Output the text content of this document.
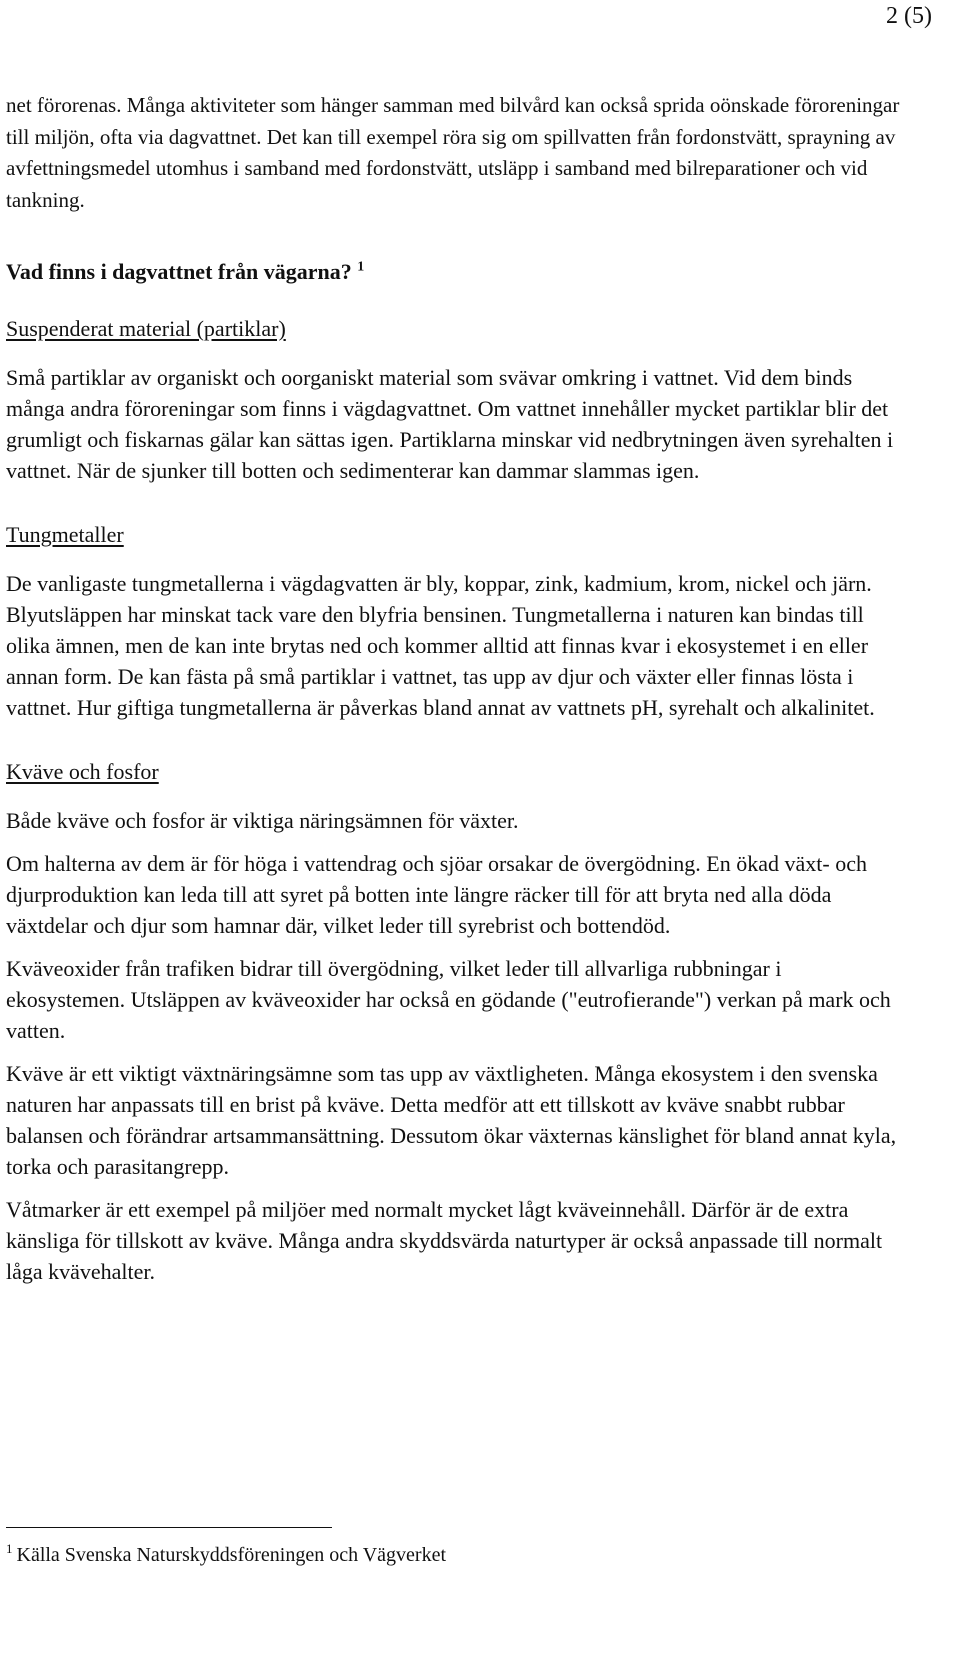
2 (5)

net förorenas. Många aktiviteter som hänger samman med bilvård kan också sprida oönskade föroreningar till miljön, ofta via dagvattnet. Det kan till exempel röra sig om spillvatten från fordonstvätt, sprayning av avfettningsmedel utomhus i samband med fordonstvätt, utsläpp i samband med bilreparationer och vid tankning.

Vad finns i dagvattnet från vägarna? $^1$
Suspenderat material (partiklar)

Små partiklar av organiskt och oorganiskt material som svävar omkring i vattnet. Vid dem binds många andra föroreningar som finns i vägdagvattnet. Om vattnet innehåller mycket partiklar blir det grumligt och fiskarnas gälar kan sättas igen. Partiklarna minskar vid nedbrytningen även syrehalten i vattnet. När de sjunker till botten och sedimenterar kan dammar slammas igen.

Tungmetaller

De vanligaste tungmetallerna i vägdagvatten är bly, koppar, zink, kadmium, krom, nickel och järn. Blyutsläppen har minskat tack vare den blyfria bensinen. Tungmetallerna i naturen kan bindas till olika ämnen, men de kan inte brytas ned och kommer alltid att finnas kvar i ekosystemet i en eller annan form. De kan fästa på små partiklar i vattnet, tas upp av djur och växter eller finnas lösta i vattnet. Hur giftiga tungmetallerna är påverkas bland annat av vattnets pH, syrehalt och alkalinitet.

Kväve och fosfor

Både kväve och fosfor är viktiga näringsämnen för växter.

Om halterna av dem är för höga i vattendrag och sjöar orsakar de övergödning. En ökad växt- och djurproduktion kan leda till att syret på botten inte längre räcker till för att bryta ned alla döda växtdelar och djur som hamnar där, vilket leder till syrebrist och bottendöd.

Kväveoxider från trafiken bidrar till övergödning, vilket leder till allvarliga rubbningar i ekosystemen. Utsläppen av kväveoxider har också en gödande ("eutrofierande") verkan på mark och vatten.

Kväve är ett viktigt växtnäringsämne som tas upp av växtligheten. Många ekosystem i den svenska naturen har anpassats till en brist på kväve. Detta medför att ett tillskott av kväve snabbt rubbar balansen och förändrar artsammansättning. Dessutom ökar växternas känslighet för bland annat kyla, torka och parasitangrepp.

Våtmarker är ett exempel på miljöer med normalt mycket lågt kväveinnehåll. Därför är de extra känsliga för tillskott av kväve. Många andra skyddsvärda naturtyper är också anpassade till normalt låga kvävehalter.

$^1$ Källa Svenska Naturskyddsföreningen och Vägverket
